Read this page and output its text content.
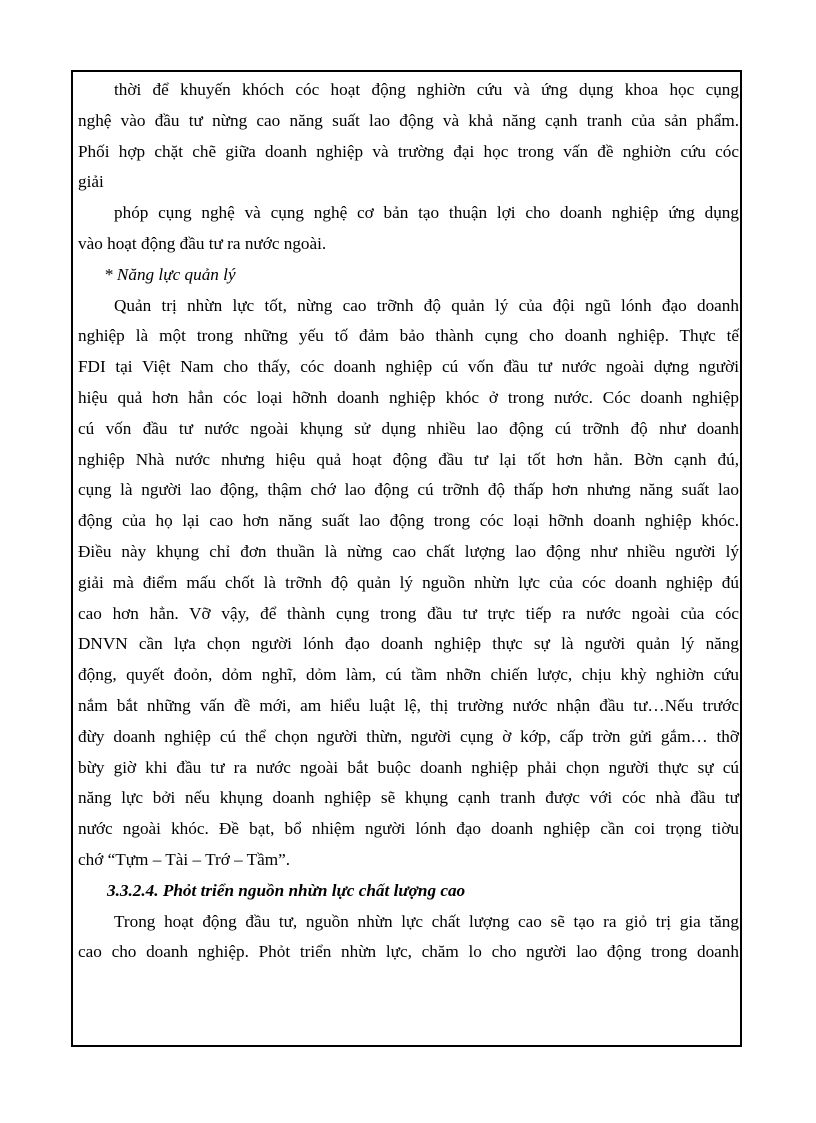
thời để khuyến khóch cóc hoạt động nghiờn cứu và ứng dụng khoa học cụng
nghệ vào đầu tư nừng cao năng suất lao động và khả năng cạnh tranh của sản phẩm.
Phối hợp chặt chẽ giữa doanh nghiệp và trường đại học trong vấn đề nghiờn cứu cóc
giải
phóp cụng nghệ và cụng nghệ cơ bản tạo thuận lợi cho doanh nghiệp ứng dụng
vào hoạt động đầu tư ra nước ngoài.
* Năng lực quản lý
Quản trị nhừn lực tốt, nừng cao trỡnh độ quản lý của đội ngũ lónh đạo doanh
nghiệp là một trong những yếu tố đảm bảo thành cụng cho doanh nghiệp. Thực tế
FDI tại Việt Nam cho thấy, cóc doanh nghiệp cú vốn đầu tư nước ngoài dựng người
hiệu quả hơn hẳn cóc loại hỡnh doanh nghiệp khóc ở trong nước. Cóc doanh nghiệp
cú vốn đầu tư nước ngoài khụng sử dụng nhiều lao động cú trỡnh độ như doanh
nghiệp Nhà nước nhưng hiệu quả hoạt động đầu tư lại tốt hơn hẳn. Bờn cạnh đú,
cụng là người lao động, thậm chớ lao động cú trỡnh độ thấp hơn nhưng năng suất lao
động của họ lại cao hơn năng suất lao động trong cóc loại hỡnh doanh nghiệp khóc.
Điều này khụng chỉ đơn thuần là nừng cao chất lượng lao động như nhiều người lý
giải mà điểm mấu chốt là trỡnh độ quản lý nguồn nhừn lực của cóc doanh nghiệp đú
cao hơn hẳn. Vỡ vậy, để thành cụng trong đầu tư trực tiếp ra nước ngoài của cóc
DNVN cần lựa chọn người lónh đạo doanh nghiệp thực sự là người quản lý năng
động, quyết đoỏn, dỏm nghĩ, dỏm làm, cú tầm nhỡn chiến lược, chịu khỳ nghiờn cứu
nắm bắt những vấn đề mới, am hiểu luật lệ, thị trường nước nhận đầu tư…Nếu trước
đừy doanh nghiệp cú thể chọn người thừn, người cụng ờ kớp, cấp trờn gửi gắm… thỡ
bừy giờ khi đầu tư ra nước ngoài bắt buộc doanh nghiệp phải chọn người thực sự cú
năng lực bởi nếu khụng doanh nghiệp sẽ khụng cạnh tranh được với cóc nhà đầu tư
nước ngoài khóc. Đề bạt, bổ nhiệm người lónh đạo doanh nghiệp cần coi trọng tiờu
chớ “Tựm – Tài – Trớ – Tầm”.
3.3.2.4. Phỏt triển nguồn nhừn lực chất lượng cao
Trong hoạt động đầu tư, nguồn nhừn lực chất lượng cao sẽ tạo ra giỏ trị gia tăng
cao cho doanh nghiệp. Phỏt triển nhừn lực, chăm lo cho người lao động trong doanh
